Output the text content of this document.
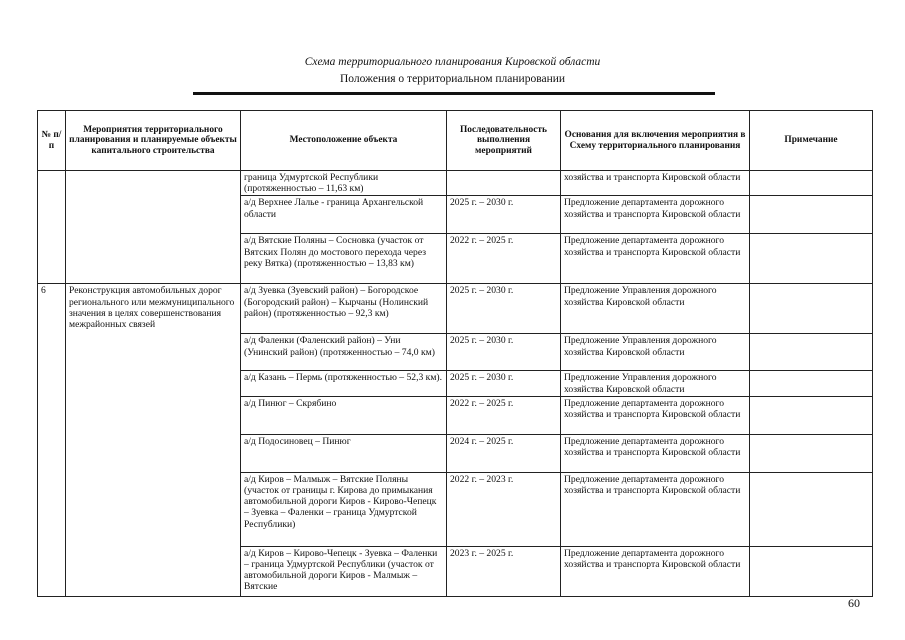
Схема территориального планирования Кировской области
Положения о территориальном планировании
№ п/п	Мероприятия территориального планирования и планируемые объекты капитального строительства	Местоположение объекта	Последовательность выполнения мероприятий	Основания для включения мероприятия в Схему территориального планирования	Примечание
		граница Удмуртской Республики (протяженностью – 11,63 км)		хозяйства и транспорта Кировской области	
		а/д Верхнее Лалье - граница Архангельской области	2025 г. – 2030 г.	Предложение департамента дорожного хозяйства и транспорта Кировской области	
		а/д Вятские Поляны – Сосновка (участок от Вятских Полян до мостового перехода через реку Вятка) (протяженностью – 13,83 км)	2022 г. – 2025 г.	Предложение департамента дорожного хозяйства и транспорта Кировской области	
6	Реконструкция автомобильных дорог регионального или межмуниципального значения в целях совершенствования межрайонных связей	а/д Зуевка (Зуевский район) – Богородское (Богородский район) – Кырчаны (Нолинский район) (протяженностью – 92,3 км)	2025 г. – 2030 г.	Предложение Управления дорожного хозяйства Кировской области	
		а/д Фаленки (Фаленский район) – Уни (Унинский район) (протяженностью – 74,0 км)	2025 г. – 2030 г.	Предложение Управления дорожного хозяйства Кировской области	
		а/д Казань – Пермь (протяженностью – 52,3 км).	2025 г. – 2030 г.	Предложение Управления дорожного хозяйства Кировской области	
		а/д Пинюг – Скрябино	2022 г. – 2025 г.	Предложение департамента дорожного хозяйства и транспорта Кировской области	
		а/д Подосиновец – Пинюг	2024 г. – 2025 г.	Предложение департамента дорожного хозяйства и транспорта Кировской области	
		а/д Киров – Малмыж – Вятские Поляны (участок от границы г. Кирова до примыкания автомобильной дороги Киров - Кирово-Чепецк – Зуевка – Фаленки – граница Удмуртской Республики)	2022 г. – 2023 г.	Предложение департамента дорожного хозяйства и транспорта Кировской области	
		а/д Киров – Кирово-Чепецк - Зуевка – Фаленки – граница Удмуртской Республики (участок от автомобильной дороги Киров - Малмыж – Вятские	2023 г. – 2025 г.	Предложение департамента дорожного хозяйства и транспорта Кировской области	
60
